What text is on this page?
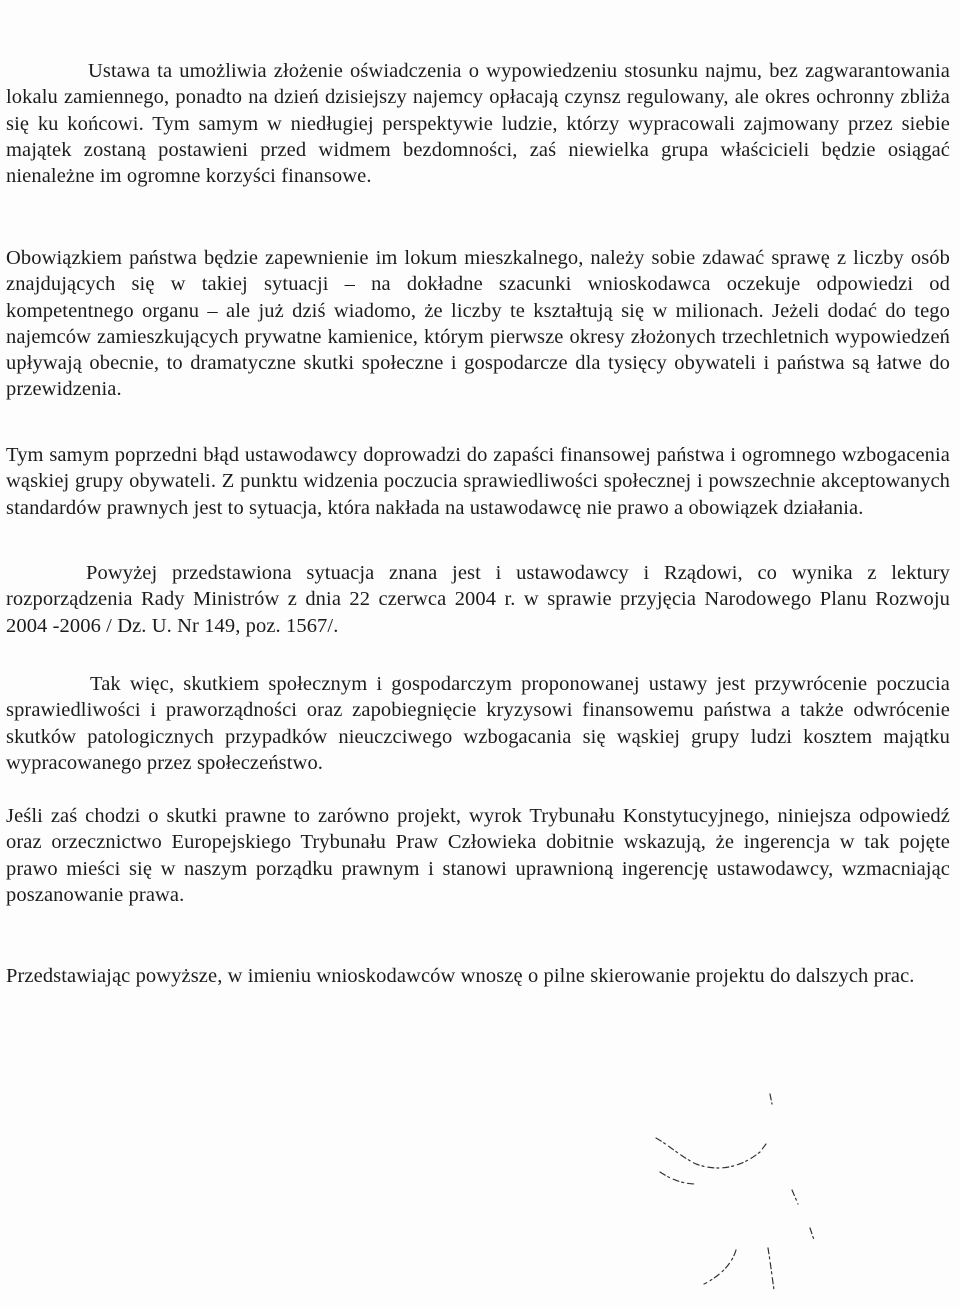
Ustawa ta umożliwia złożenie oświadczenia o wypowiedzeniu stosunku najmu, bez zagwarantowania lokalu zamiennego, ponadto na dzień dzisiejszy najemcy opłacają czynsz regulowany, ale okres ochronny zbliża się ku końcowi. Tym samym w niedługiej perspektywie ludzie, którzy wypracowali zajmowany przez siebie majątek zostaną postawieni przed widmem bezdomności, zaś niewielka grupa właścicieli będzie osiągać nienależne im ogromne korzyści finansowe.

Obowiązkiem państwa będzie zapewnienie im lokum mieszkalnego, należy sobie zdawać sprawę z liczby osób znajdujących się w takiej sytuacji – na dokładne szacunki wnioskodawca oczekuje odpowiedzi od kompetentnego organu – ale już dziś wiadomo, że liczby te kształtują się w milionach. Jeżeli dodać do tego najemców zamieszkujących prywatne kamienice, którym pierwsze okresy złożonych trzechletnich wypowiedzeń upływają obecnie, to dramatyczne skutki społeczne i gospodarcze dla tysięcy obywateli i państwa są łatwe do przewidzenia.

Tym samym poprzedni błąd ustawodawcy doprowadzi do zapaści finansowej państwa i ogromnego wzbogacenia wąskiej grupy obywateli. Z punktu widzenia poczucia sprawiedliwości społecznej i powszechnie akceptowanych standardów prawnych jest to sytuacja, która nakłada na ustawodawcę nie prawo a obowiązek działania.

Powyżej przedstawiona sytuacja znana jest i ustawodawcy i Rządowi, co wynika z lektury rozporządzenia Rady Ministrów z dnia 22 czerwca 2004 r. w sprawie przyjęcia Narodowego Planu Rozwoju 2004 -2006 / Dz. U. Nr 149, poz. 1567/.

Tak więc, skutkiem społecznym i gospodarczym proponowanej ustawy jest przywrócenie poczucia sprawiedliwości i praworządności oraz zapobiegnięcie kryzysowi finansowemu państwa a także odwrócenie skutków patologicznych przypadków nieuczciwego wzbogacania się wąskiej grupy ludzi kosztem majątku wypracowanego przez społeczeństwo.

Jeśli zaś chodzi o skutki prawne to zarówno projekt, wyrok Trybunału Konstytucyjnego, niniejsza odpowiedź oraz orzecznictwo Europejskiego Trybunału Praw Człowieka dobitnie wskazują, że ingerencja w tak pojęte prawo mieści się w naszym porządku prawnym i stanowi uprawnioną ingerencję ustawodawcy, wzmacniając poszanowanie prawa.

Przedstawiając powyższe, w imieniu wnioskodawców wnoszę o pilne skierowanie projektu do dalszych prac.
